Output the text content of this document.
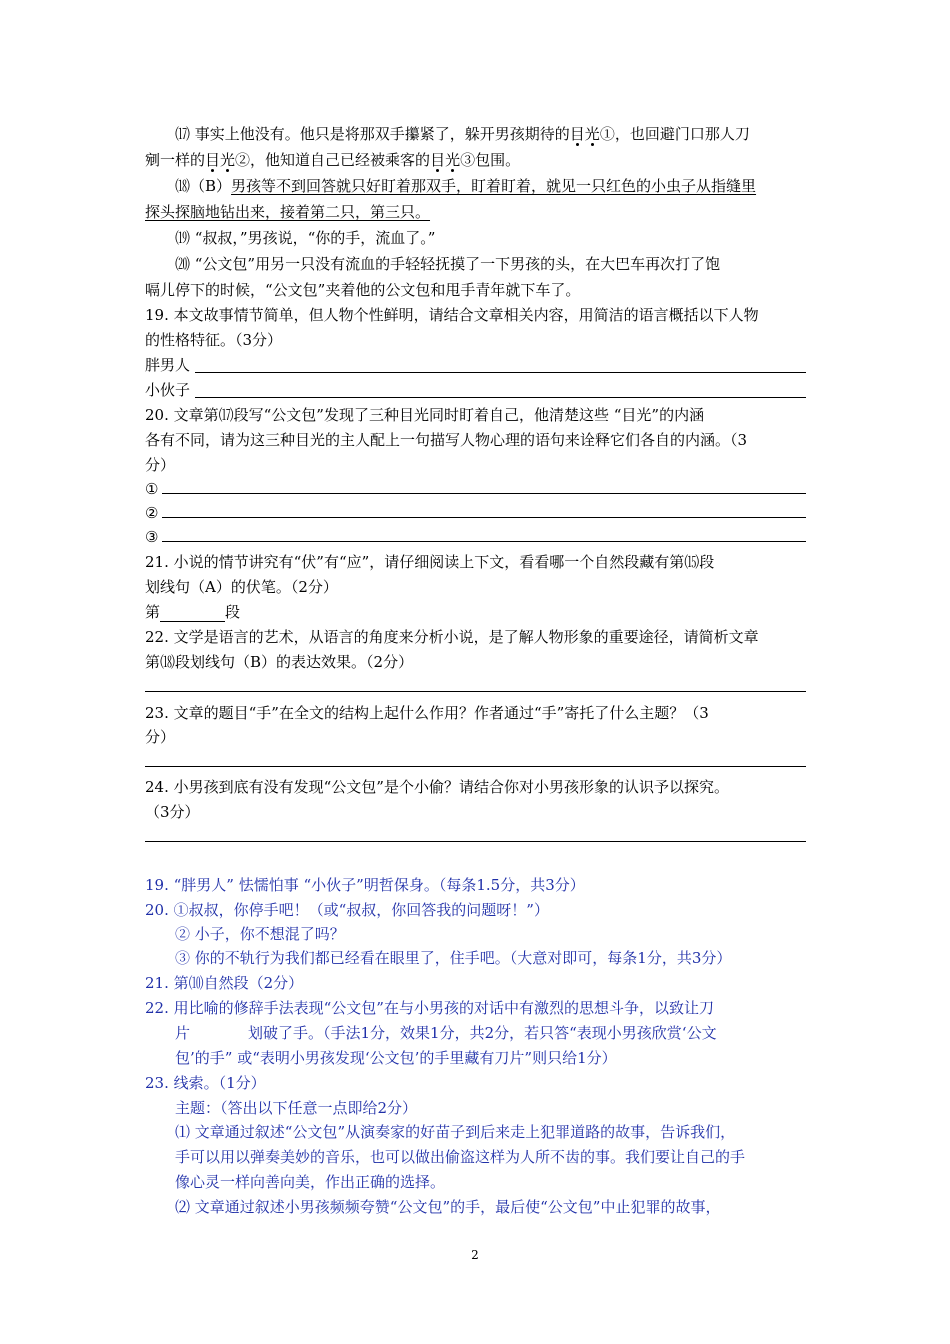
⒄ 事实上他没有。他只是将那双手攥紧了，躲开男孩期待的目光①，也回避门口那人刀
剜一样的目光②，他知道自己已经被乘客的目光③包围。
⒅（B）男孩等不到回答就只好盯着那双手，盯着盯着，就见一只红色的小虫子从指缝里
探头探脑地钻出来，接着第二只，第三只。
⒆ “叔叔，”男孩说，“你的手，流血了。”
⒇ “公文包”用另一只没有流血的手轻轻抚摸了一下男孩的头，在大巴车再次打了饱
嗝儿停下的时候，“公文包”夹着他的公文包和甩手青年就下车了。
19. 本文故事情节简单，但人物个性鲜明，请结合文章相关内容，用简洁的语言概括以下人物
的性格特征。（3分）
胖男人
小伙子
20. 文章第⒄段写“公文包”发现了三种目光同时盯着自己，他清楚这些 “目光”的内涵
各有不同，请为这三种目光的主人配上一句描写人物心理的语句来诠释它们各自的内涵。（3
分）
①
②
③
21. 小说的情节讲究有“伏”有“应”，请仔细阅读上下文，看看哪一个自然段藏有第⒂段
划线句（A）的伏笔。（2分）
第	段
22. 文学是语言的艺术，从语言的角度来分析小说，是了解人物形象的重要途径，请简析文章
第⒅段划线句（B）的表达效果。（2分）
23. 文章的题目“手”在全文的结构上起什么作用？作者通过“手”寄托了什么主题？（3
分）
24. 小男孩到底有没有发现“公文包”是个小偷？请结合你对小男孩形象的认识予以探究。
（3分）
19. “胖男人” 怯懦怕事 “小伙子”明哲保身。（每条1.5分，共3分）
20. ①叔叔，你停手吧！（或“叔叔，你回答我的问题呀！”）
② 小子，你不想混了吗？
③ 你的不轨行为我们都已经看在眼里了，住手吧。（大意对即可，每条1分，共3分）
21. 第⑽自然段（2分）
22. 用比喻的修辞手法表现“公文包”在与小男孩的对话中有激烈的思想斗争，以致让刀
片	划破了手。（手法1分，效果1分，共2分，若只答“表现小男孩欣赏‘公文
包’的手” 或“表明小男孩发现‘公文包’的手里藏有刀片”则只给1分）
23. 线索。（1分）
主题：（答出以下任意一点即给2分）
⑴ 文章通过叙述“公文包”从演奏家的好苗子到后来走上犯罪道路的故事，告诉我们，
手可以用以弹奏美妙的音乐，也可以做出偷盗这样为人所不齿的事。我们要让自己的手
像心灵一样向善向美，作出正确的选择。
⑵ 文章通过叙述小男孩频频夸赞“公文包”的手，最后使“公文包”中止犯罪的故事，
2
